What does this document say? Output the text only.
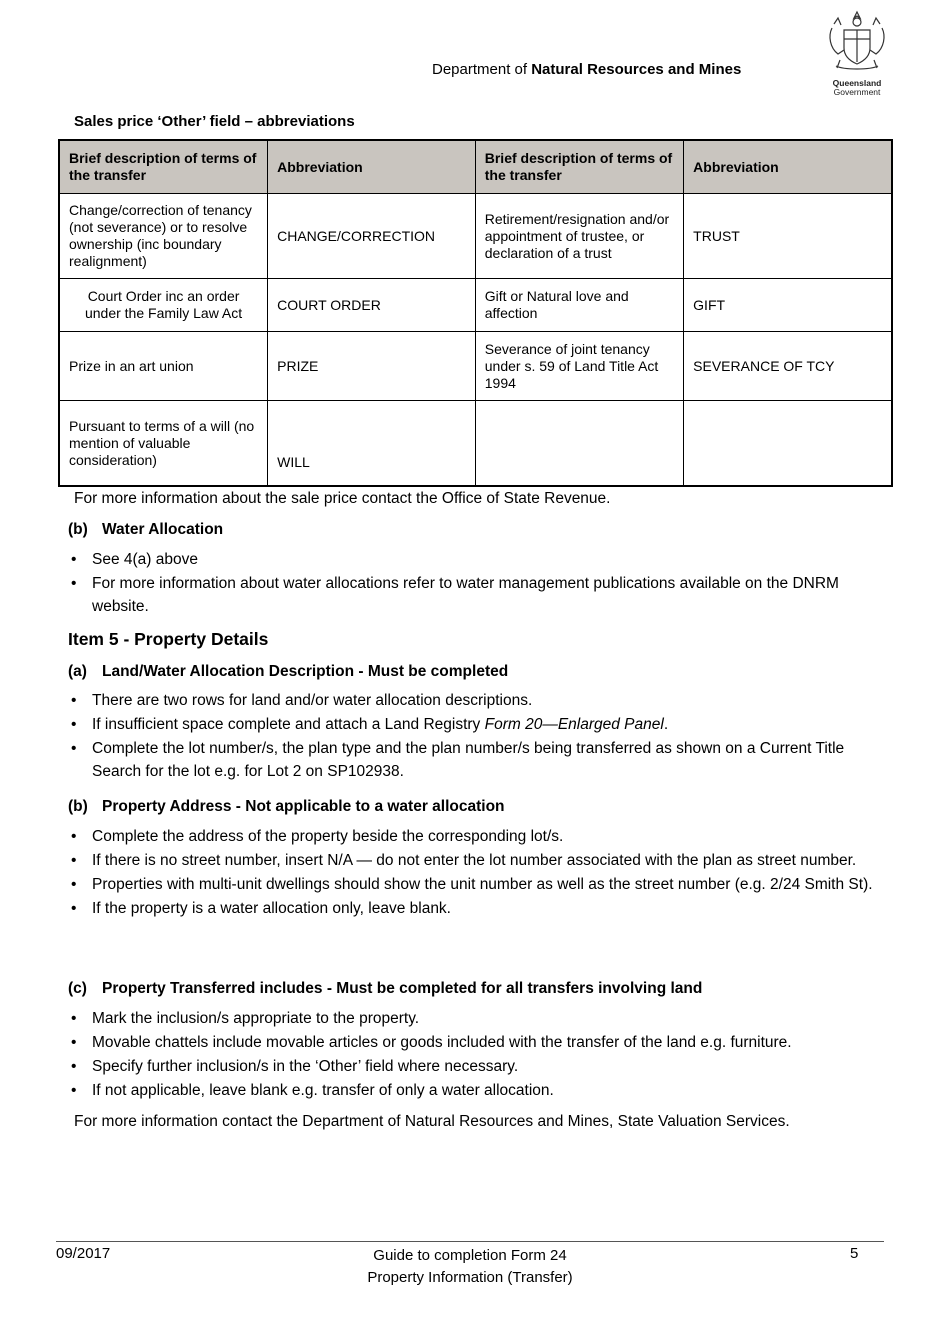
Department of Natural Resources and Mines
Queensland
Government
Sales price ‘Other’ field – abbreviations
Brief description of terms of the transfer	Abbreviation	Brief description of terms of the transfer	Abbreviation
Change/correction of tenancy (not severance) or to resolve ownership (inc boundary realignment)	CHANGE/CORRECTION	Retirement/resignation and/or appointment of trustee, or declaration of a trust	TRUST
Court Order inc an order under the Family Law Act	COURT ORDER	Gift or Natural love and affection	GIFT
Prize in an art union	PRIZE	Severance of joint tenancy under s. 59 of Land Title Act 1994	SEVERANCE OF TCY
Pursuant to terms of a will (no mention of valuable consideration)	WILL		
For more information about the sale price contact the Office of State Revenue.
(b) Water Allocation
• See 4(a) above
• For more information about water allocations refer to water management publications available on the DNRM website.
Item 5 - Property Details
(a) Land/Water Allocation Description - Must be completed
• There are two rows for land and/or water allocation descriptions.
• If insufficient space complete and attach a Land Registry Form 20—Enlarged Panel.
• Complete the lot number/s, the plan type and the plan number/s being transferred as shown on a Current Title Search for the lot e.g. for Lot 2 on SP102938.
(b) Property Address - Not applicable to a water allocation
• Complete the address of the property beside the corresponding lot/s.
• If there is no street number, insert N/A — do not enter the lot number associated with the plan as street number.
• Properties with multi-unit dwellings should show the unit number as well as the street number (e.g. 2/24 Smith St).
• If the property is a water allocation only, leave blank.
(c) Property Transferred includes - Must be completed for all transfers involving land
• Mark the inclusion/s appropriate to the property.
• Movable chattels include movable articles or goods included with the transfer of the land e.g. furniture.
• Specify further inclusion/s in the ‘Other’ field where necessary.
• If not applicable, leave blank e.g. transfer of only a water allocation.
For more information contact the Department of Natural Resources and Mines, State Valuation Services.
09/2017	Guide to completion Form 24
Property Information (Transfer)
5
